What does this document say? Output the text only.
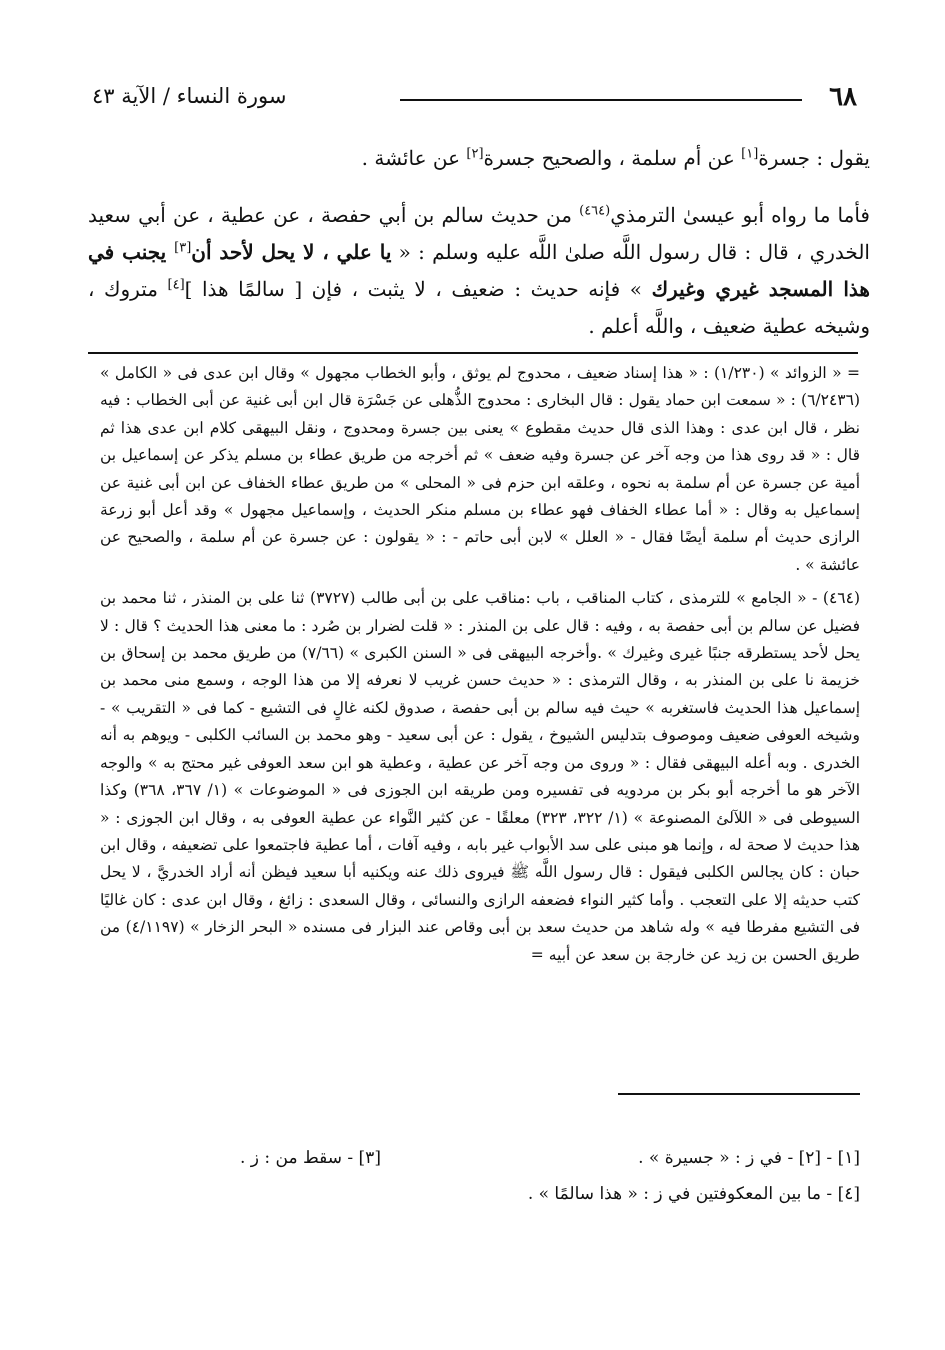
٦٨
سورة النساء / الآية ٤٣

يقول : جسرة[١] عن أم سلمة ، والصحيح جسرة[٢] عن عائشة .

فأما ما رواه أبو عيسىٰ الترمذي$^{(٤٦٤)}$ من حديث سالم بن أبي حفصة ، عن عطية ، عن أبي سعيد الخدري ، قال : قال رسول اللَّه صلىٰ اللَّه عليه وسلم : « يا علي ، لا يحل لأحد أن[٣] يجنب في هذا المسجد غيري وغيرك » فإنه حديث : ضعيف ، لا يثبت ، فإن [ سالمًا هذا ][٤] متروك ، وشيخه عطية ضعيف ، واللَّه أعلم .

= « الزوائد » (١/٢٣٠) : « هذا إسناد ضعيف ، محدوج لم يوثق ، وأبو الخطاب مجهول » وقال ابن عدى فى « الكامل » (٦/٢٤٣٦) : « سمعت ابن حماد يقول : قال البخارى : محدوج الذُّهلى عن جَسْرَة قال ابن أبى غنية عن أبى الخطاب : فيه نظر ، قال ابن عدى : وهذا الذى قال حديث مقطوع » يعنى بين جسرة ومحدوج ، ونقل البيهقى كلام ابن عدى هذا ثم قال : « قد روى هذا من وجه آخر عن جسرة وفيه ضعف » ثم أخرجه من طريق عطاء بن مسلم يذكر عن إسماعيل بن أمية عن جسرة عن أم سلمة به نحوه ، وعلقه ابن حزم فى « المحلى » من طريق عطاء الخفاف عن ابن أبى غنية عن إسماعيل به وقال : « أما عطاء الخفاف فهو عطاء بن مسلم منكر الحديث ، وإسماعيل مجهول » وقد أعل أبو زرعة الرازى حديث أم سلمة أيضًا فقال - « العلل » لابن أبى حاتم - : « يقولون : عن جسرة عن أم سلمة ، والصحيح عن عائشة » .

(٤٦٤) - « الجامع » للترمذى ، كتاب المناقب ، باب :مناقب على بن أبى طالب (٣٧٢٧) ثنا على بن المنذر ، ثنا محمد بن فضيل عن سالم بن أبى حفصة به ، وفيه : قال على بن المنذر : « قلت لضرار بن صُرد : ما معنى هذا الحديث ؟ قال : لا يحل لأحد يستطرقه جنبًا غيرى وغيرك » .وأخرجه البيهقى فى « السنن الكبرى » (٧/٦٦) من طريق محمد بن إسحاق بن خزيمة نا على بن المنذر به ، وقال الترمذى : « حديث حسن غريب لا نعرفه إلا من هذا الوجه ، وسمع منى محمد بن إسماعيل هذا الحديث فاستغربه » حيث فيه سالم بن أبى حفصة ، صدوق لكنه غالٍ فى التشيع - كما فى « التقريب » - وشيخه العوفى ضعيف وموصوف بتدليس الشيوخ ، يقول : عن أبى سعيد - وهو محمد بن السائب الكلبى - ويوهم به أنه الخدرى . وبه أعله البيهقى فقال : « وروى من وجه آخر عن عطية ، وعطية هو ابن سعد العوفى غير محتج به » والوجه الآخر هو ما أخرجه أبو بكر بن مردويه فى تفسيره ومن طريقه ابن الجوزى فى « الموضوعات » (١/ ٣٦٧، ٣٦٨) وكذا السيوطى فى « اللآلئ المصنوعة » (١/ ٣٢٢، ٣٢٣) معلقًا - عن كثير النَّواء عن عطية العوفى به ، وقال ابن الجوزى : « هذا حديث لا صحة له ، وإنما هو مبنى على سد الأبواب غير بابه ، وفيه آفات ، أما عطية فاجتمعوا على تضعيفه ، وقال ابن حبان : كان يجالس الكلبى فيقول : قال رسول اللَّه ﷺ فيروى ذلك عنه ويكنيه أبا سعيد فيظن أنه أراد الخدريَّ ، لا يحل كتب حديثه إلا على التعجب . وأما كثير النواء فضعفه الرازى والنسائى ، وقال السعدى : زائغ ، وقال ابن عدى : كان غاليًا فى التشيع مفرطا فيه » وله شاهد من حديث سعد بن أبى وقاص عند البزار فى مسنده « البحر الزخار » (٤/١١٩٧) من طريق الحسن بن زيد عن خارجة بن سعد عن أبيه =

[١] - [٢] - في ز : « جسيرة » .
[٣] - سقط من : ز .
[٤] - ما بين المعكوفتين في ز : « هذا سالمًا » .
